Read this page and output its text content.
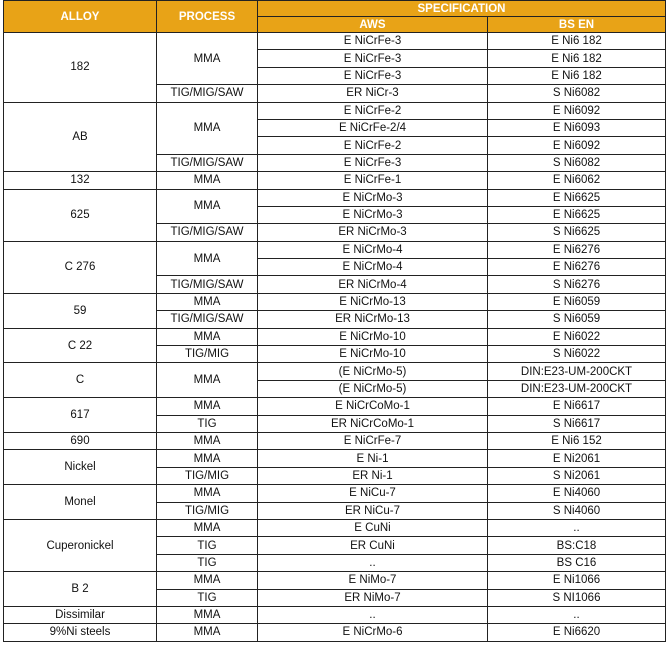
ALLOY	PROCESS	SPECIFICATION	
		AWS	BS EN
182	MMA	E NiCrFe-3	E Ni6 182
		E NiCrFe-3	E Ni6 182
		E NiCrFe-3	E Ni6 182
	TIG/MIG/SAW	ER NiCr-3	S Ni6082
AB	MMA	E NiCrFe-2	E Ni6092
		E NiCrFe-2/4	E Ni6093
		E NiCrFe-2	E Ni6092
	TIG/MIG/SAW	E NiCrFe-3	S Ni6082
132	MMA	E NiCrFe-1	E Ni6062
625	MMA	E NiCrMo-3	E Ni6625
		E NiCrMo-3	E Ni6625
	TIG/MIG/SAW	ER NiCrMo-3	S Ni6625
C 276	MMA	E NiCrMo-4	E Ni6276
		E NiCrMo-4	E Ni6276
	TIG/MIG/SAW	ER NiCrMo-4	S Ni6276
59	MMA	E NiCrMo-13	E Ni6059
	TIG/MIG/SAW	ER NiCrMo-13	S Ni6059
C 22	MMA	E NiCrMo-10	E Ni6022
	TIG/MIG	E NiCrMo-10	S Ni6022
C	MMA	(E NiCrMo-5)	DIN:E23-UM-200CKT
		(E NiCrMo-5)	DIN:E23-UM-200CKT
617	MMA	E NiCrCoMo-1	E Ni6617
	TIG	ER NiCrCoMo-1	S Ni6617
690	MMA	E NiCrFe-7	E Ni6 152
Nickel	MMA	E Ni-1	E Ni2061
	TIG/MIG	ER Ni-1	S Ni2061
Monel	MMA	E NiCu-7	E Ni4060
	TIG/MIG	ER NiCu-7	S Ni4060
Cuperonickel	MMA	E CuNi	..
	TIG	ER CuNi	BS:C18
	TIG	..	BS C16
B 2	MMA	E NiMo-7	E Ni1066
	TIG	ER NiMo-7	S NI1066
Dissimilar	MMA	..	..
9%Ni steels	MMA	E NiCrMo-6	E Ni6620
